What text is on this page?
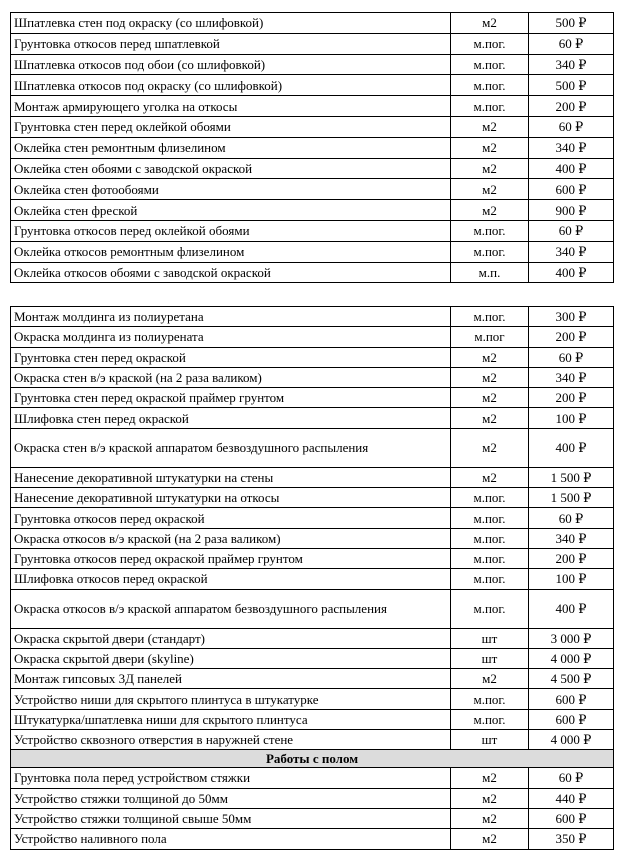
Шпатлевка стен под окраску (со шлифовкой)	м2	500 ₽
Грунтовка откосов перед шпатлевкой	м.пог.	60 ₽
Шпатлевка откосов под обои (со шлифовкой)	м.пог.	340 ₽
Шпатлевка откосов под окраску (со шлифовкой)	м.пог.	500 ₽
Монтаж армирующего уголка на откосы	м.пог.	200 ₽
Грунтовка стен перед оклейкой обоями	м2	60 ₽
Оклейка стен ремонтным флизелином	м2	340 ₽
Оклейка стен обоями с заводской окраской	м2	400 ₽
Оклейка стен фотообоями	м2	600 ₽
Оклейка стен фреской	м2	900 ₽
Грунтовка откосов перед оклейкой обоями	м.пог.	60 ₽
Оклейка откосов ремонтным флизелином	м.пог.	340 ₽
Оклейка откосов обоями с заводской окраской	м.п.	400 ₽
Монтаж молдинга из полиуретана	м.пог.	300 ₽
Окраска молдинга из полиурената	м.пог	200 ₽
Грунтовка стен перед окраской	м2	60 ₽
Окраска стен в/э краской (на 2 раза валиком)	м2	340 ₽
Грунтовка стен перед окраской праймер грунтом	м2	200 ₽
Шлифовка стен перед окраской	м2	100 ₽
Окраска стен в/э краской аппаратом безвоздушного распыления	м2	400 ₽
Нанесение декоративной штукатурки на стены	м2	1 500 ₽
Нанесение декоративной штукатурки на откосы	м.пог.	1 500 ₽
Грунтовка откосов перед окраской	м.пог.	60 ₽
Окраска откосов в/э краской (на 2 раза валиком)	м.пог.	340 ₽
Грунтовка откосов перед окраской праймер грунтом	м.пог.	200 ₽
Шлифовка откосов перед окраской	м.пог.	100 ₽
Окраска откосов в/э краской аппаратом безвоздушного распыления	м.пог.	400 ₽
Окраска скрытой двери (стандарт)	шт	3 000 ₽
Окраска скрытой двери (skyline)	шт	4 000 ₽
Монтаж гипсовых 3Д панелей	м2	4 500 ₽
Устройство ниши для скрытого плинтуса в штукатурке	м.пог.	600 ₽
Штукатурка/шпатлевка ниши для скрытого плинтуса	м.пог.	600 ₽
Устройство сквозного отверстия в наружней стене	шт	4 000 ₽
Работы с полом		
Грунтовка пола перед устройством стяжки	м2	60 ₽
Устройство стяжки толщиной до 50мм	м2	440 ₽
Устройство стяжки толщиной свыше 50мм	м2	600 ₽
Устройство наливного пола	м2	350 ₽
